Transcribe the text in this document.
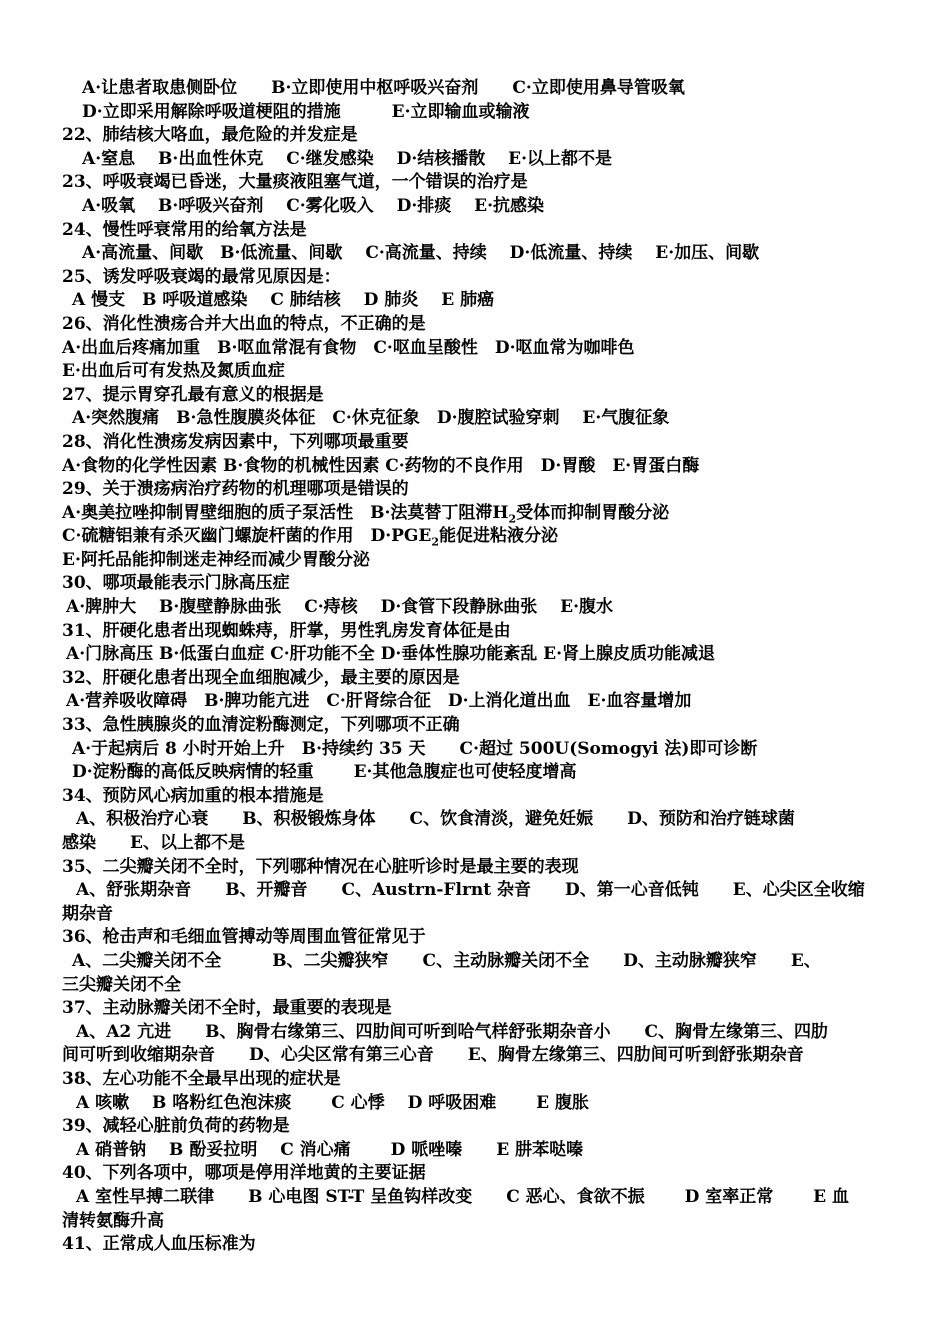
A·让患者取患侧卧位　　B·立即使用中枢呼吸兴奋剂　　C·立即使用鼻导管吸氧
D·立即采用解除呼吸道梗阻的措施　　　E·立即输血或输液
22、肺结核大咯血，最危险的并发症是
A·窒息　 B·出血性休克　 C·继发感染　 D·结核播散　 E·以上都不是
23、呼吸衰竭已昏迷，大量痰液阻塞气道，一个错误的治疗是
A·吸氧　 B·呼吸兴奋剂　 C·雾化吸入　 D·排痰　 E·抗感染
24、慢性呼衰常用的给氧方法是
A·高流量、间歇　B·低流量、间歇　 C·高流量、持续　 D·低流量、持续　 E·加压、间歇
25、诱发呼吸衰竭的最常见原因是：
A 慢支　B 呼吸道感染　 C 肺结核　 D 肺炎　 E 肺癌
26、消化性溃疡合并大出血的特点，不正确的是
A·出血后疼痛加重　B·呕血常混有食物　C·呕血呈酸性　D·呕血常为咖啡色
E·出血后可有发热及氮质血症
27、提示胃穿孔最有意义的根据是
A·突然腹痛　B·急性腹膜炎体征　C·休克征象　D·腹腔试验穿刺　 E·气腹征象
28、消化性溃疡发病因素中，下列哪项最重要
A·食物的化学性因素 B·食物的机械性因素 C·药物的不良作用　D·胃酸　E·胃蛋白酶
29、关于溃疡病治疗药物的机理哪项是错误的
A·奥美拉唑抑制胃壁细胞的质子泵活性　B·法莫替丁阻滞$H_2$受体而抑制胃酸分泌
C·硫糖铝兼有杀灭幽门螺旋杆菌的作用　$D\cdot PGE_2$能促进粘液分泌
E·阿托品能抑制迷走神经而减少胃酸分泌
30、哪项最能表示门脉高压症
A·脾肿大　 B·腹壁静脉曲张　 C·痔核　 D·食管下段静脉曲张　 E·腹水
31、肝硬化患者出现蜘蛛痔，肝掌，男性乳房发育体征是由
A·门脉高压 B·低蛋白血症 C·肝功能不全 D·垂体性腺功能紊乱 E·肾上腺皮质功能减退
32、肝硬化患者出现全血细胞减少，最主要的原因是
A·营养吸收障碍　B·脾功能亢进　C·肝肾综合征　D·上消化道出血　E·血容量增加
33、急性胰腺炎的血清淀粉酶测定，下列哪项不正确
A·于起病后 8 小时开始上升　B·持续约 35 天　　C·超过 500U(Somogyi 法)即可诊断
D·淀粉酶的高低反映病情的轻重　　 E·其他急腹症也可使轻度增高
34、预防风心病加重的根本措施是
A、积极治疗心衰　　B、积极锻炼身体　　C、饮食清淡，避免妊娠　　D、预防和治疗链球菌
感染　　E、以上都不是
35、二尖瓣关闭不全时，下列哪种情况在心脏听诊时是最主要的表现
A、舒张期杂音　　B、开瓣音　　C、Austrn-Flrnt 杂音　　D、第一心音低钝　　E、心尖区全收缩
期杂音
36、枪击声和毛细血管搏动等周围血管征常见于
A、二尖瓣关闭不全　　　B、二尖瓣狭窄　　C、主动脉瓣关闭不全　　D、主动脉瓣狭窄　　E、
三尖瓣关闭不全
37、主动脉瓣关闭不全时，最重要的表现是
A、A2 亢进　　B、胸骨右缘第三、四肋间可听到哈气样舒张期杂音小　　C、胸骨左缘第三、四肋
间可听到收缩期杂音　　D、心尖区常有第三心音　　E、胸骨左缘第三、四肋间可听到舒张期杂音
38、左心功能不全最早出现的症状是
A 咳嗽　 B 咯粉红色泡沫痰　　 C 心悸　 D 呼吸困难　　 E 腹胀
39、减轻心脏前负荷的药物是
A 硝普钠　 B 酚妥拉明　 C 消心痛　　 D 哌唑嗪　　E 肼苯哒嗪
40、下列各项中，哪项是停用洋地黄的主要证据
A 室性早搏二联律　　B 心电图 ST-T 呈鱼钩样改变　　C 恶心、食欲不振　　 D 室率正常　　 E 血
清转氨酶升高
41、正常成人血压标准为
